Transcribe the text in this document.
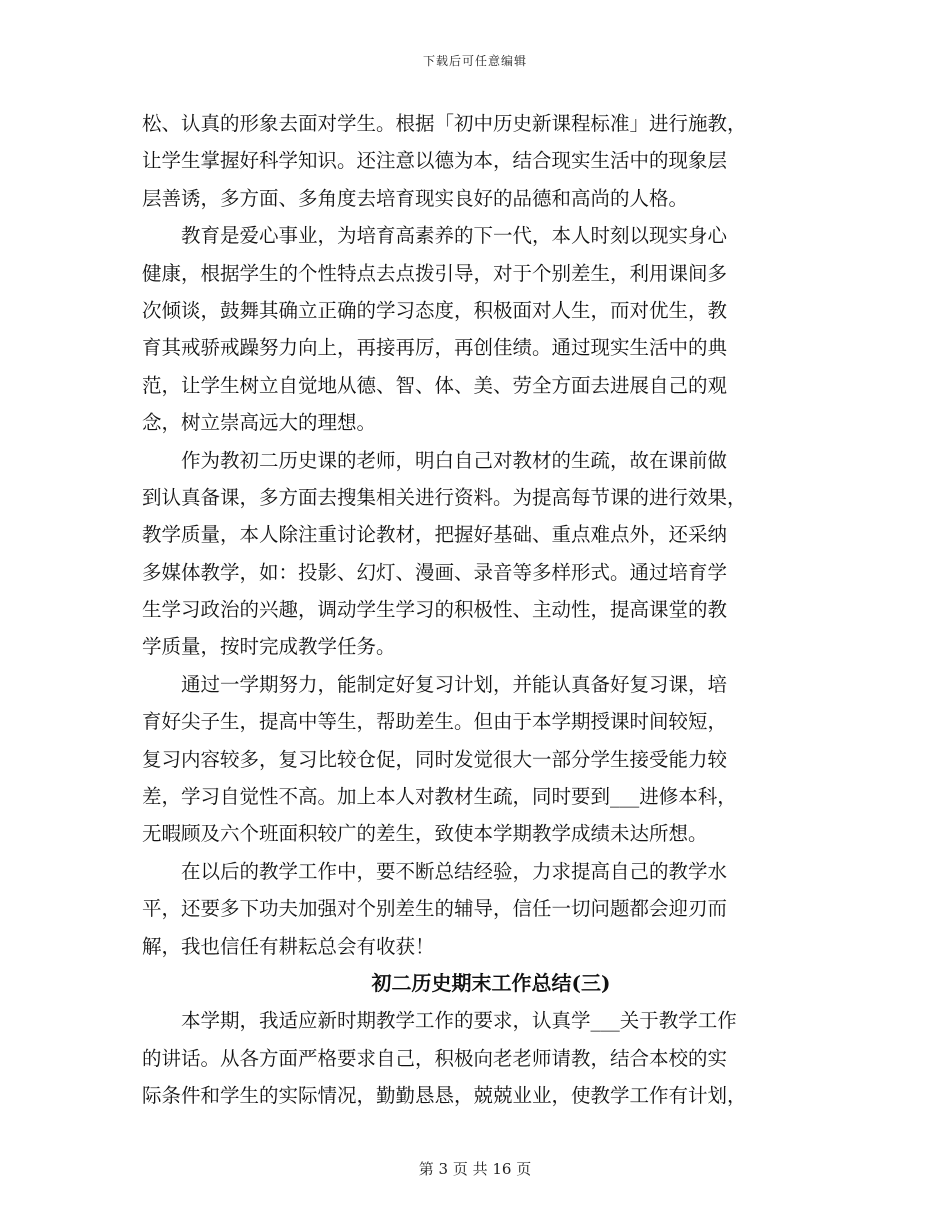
下载后可任意编辑
松、认真的形象去面对学生。根据「初中历史新课程标准」进行施教，
让学生掌握好科学知识。还注意以德为本，结合现实生活中的现象层
层善诱，多方面、多角度去培育现实良好的品德和高尚的人格。
　　教育是爱心事业，为培育高素养的下一代，本人时刻以现实身心
健康，根据学生的个性特点去点拨引导，对于个别差生，利用课间多
次倾谈，鼓舞其确立正确的学习态度，积极面对人生，而对优生，教
育其戒骄戒躁努力向上，再接再厉，再创佳绩。通过现实生活中的典
范，让学生树立自觉地从德、智、体、美、劳全方面去进展自己的观
念，树立崇高远大的理想。
　　作为教初二历史课的老师，明白自己对教材的生疏，故在课前做
到认真备课，多方面去搜集相关进行资料。为提高每节课的进行效果，
教学质量，本人除注重讨论教材，把握好基础、重点难点外，还采纳
多媒体教学，如：投影、幻灯、漫画、录音等多样形式。通过培育学
生学习政治的兴趣，调动学生学习的积极性、主动性，提高课堂的教
学质量，按时完成教学任务。
　　通过一学期努力，能制定好复习计划，并能认真备好复习课，培
育好尖子生，提高中等生，帮助差生。但由于本学期授课时间较短，
复习内容较多，复习比较仓促，同时发觉很大一部分学生接受能力较
差，学习自觉性不高。加上本人对教材生疏，同时要到___进修本科，
无暇顾及六个班面积较广的差生，致使本学期教学成绩未达所想。
　　在以后的教学工作中，要不断总结经验，力求提高自己的教学水
平，还要多下功夫加强对个别差生的辅导，信任一切问题都会迎刃而
解，我也信任有耕耘总会有收获！
初二历史期末工作总结(三)
　　本学期，我适应新时期教学工作的要求，认真学___关于教学工作
的讲话。从各方面严格要求自己，积极向老老师请教，结合本校的实
际条件和学生的实际情况，勤勤恳恳，兢兢业业，使教学工作有计划，
第 3 页 共 16 页
